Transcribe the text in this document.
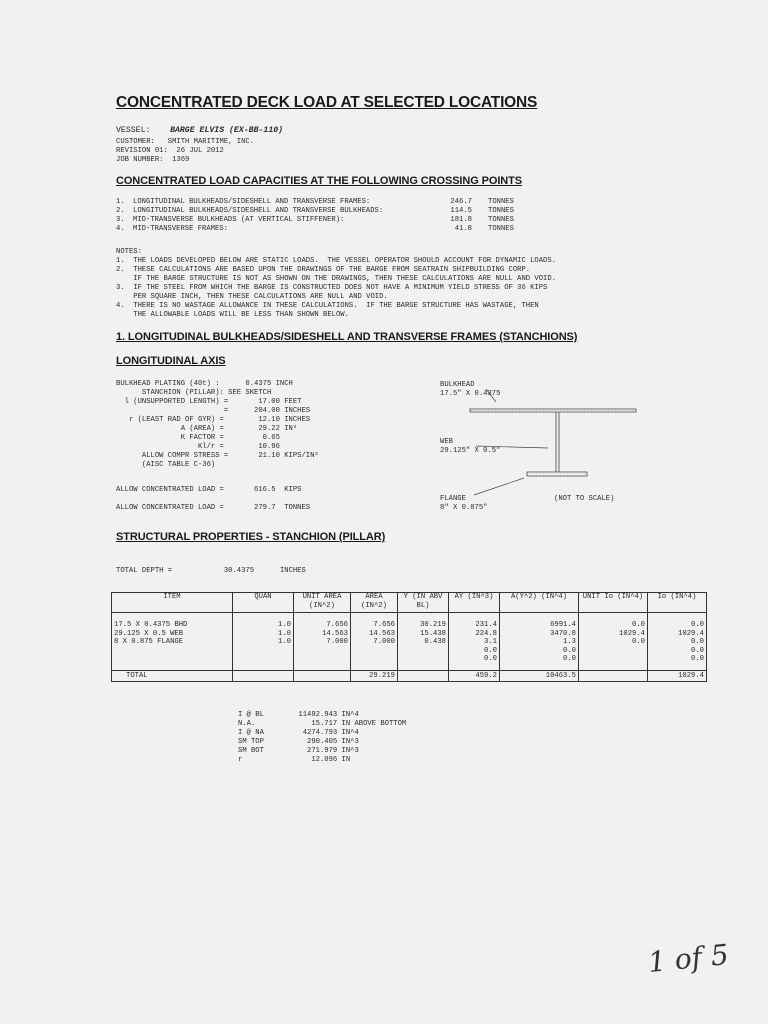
CONCENTRATED DECK LOAD AT SELECTED LOCATIONS
VESSEL: BARGE ELVIS (EX-BB-110)
CUSTOMER:   SMITH MARITIME, INC.
REVISION 01:  26 JUL 2012
JOB NUMBER:  1369
CONCENTRATED LOAD CAPACITIES AT THE FOLLOWING CROSSING POINTS
1. LONGITUDINAL BULKHEADS/SIDESHELL AND TRANSVERSE FRAMES:	246.7 TONNES
2. LONGITUDINAL BULKHEADS/SIDESHELL AND TRANSVERSE BULKHEADS:	114.5 TONNES
3. MID-TRANSVERSE BULKHEADS (AT VERTICAL STIFFENER):	181.8 TONNES
4. MID-TRANSVERSE FRAMES:	41.8 TONNES
NOTES:
1.  THE LOADS DEVELOPED BELOW ARE STATIC LOADS.  THE VESSEL OPERATOR SHOULD ACCOUNT FOR DYNAMIC LOADS.
2.  THESE CALCULATIONS ARE BASED UPON THE DRAWINGS OF THE BARGE FROM SEATRAIN SHIPBUILDING CORP.
IF THE BARGE STRUCTURE IS NOT AS SHOWN ON THE DRAWINGS, THEN THESE CALCULATIONS ARE NULL AND VOID.
3.  IF THE STEEL FROM WHICH THE BARGE IS CONSTRUCTED DOES NOT HAVE A MINIMUM YIELD STRESS OF 36 KIPS
PER SQUARE INCH, THEN THESE CALCULATIONS ARE NULL AND VOID.
4.  THERE IS NO WASTAGE ALLOWANCE IN THESE CALCULATIONS.  IF THE BARGE STRUCTURE HAS WASTAGE, THEN
THE ALLOWABLE LOADS WILL BE LESS THAN SHOWN BELOW.
1. LONGITUDINAL BULKHEADS/SIDESHELL AND TRANSVERSE FRAMES (STANCHIONS)
LONGITUDINAL AXIS
BULKHEAD PLATING (40t) :      0.4375 INCH
STANCHION (PILLAR): SEE SKETCH
l (UNSUPPORTED LENGTH) =       17.00 FEET
=      204.00 INCHES
r (LEAST RAD OF GYR) =        12.10 INCHES
A (AREA) =        29.22 IN²
K FACTOR =         0.65
Kl/r =        10.96
ALLOW COMPR STRESS =       21.10 KIPS/IN²
(AISC TABLE C-36)
ALLOW CONCENTRATED LOAD =       616.5  KIPS
ALLOW CONCENTRATED LOAD =       279.7  TONNES
BULKHEAD
17.5" X 0.4375
WEB
29.125" X 0.5"
FLANGE
8" X 0.875"
(NOT TO SCALE)
STRUCTURAL PROPERTIES - STANCHION (PILLAR)
TOTAL DEPTH =	30.4375	INCHES
ITEM	QUAN	UNIT AREA (IN^2)	AREA (IN^2)	Y (IN ABV BL)	AY (IN^3)	A(Y^2) (IN^4)	UNIT Io (IN^4)	Io (IN^4)

17.5 X 0.4375 BHD	1.0	7.656	7.656	30.219	231.4	6991.4	0.0	0.0
29.125 X 0.5 WEB	1.0	14.563	14.563	15.438	224.8	3470.8	1029.4	1029.4
8 X 0.875 FLANGE	1.0	7.000	7.000	0.438	3.1	1.3	0.0	0.0
					0.0	0.0		0.0
					0.0	0.0		0.0

TOTAL			29.219		459.2	10463.5		1029.4
I @ BL        11492.943 IN^4
N.A.             15.717 IN ABOVE BOTTOM
I @ NA         4274.793 IN^4
SM TOP          290.405 IN^3
SM BOT          271.979 IN^3
r                12.096 IN
1 of 5
